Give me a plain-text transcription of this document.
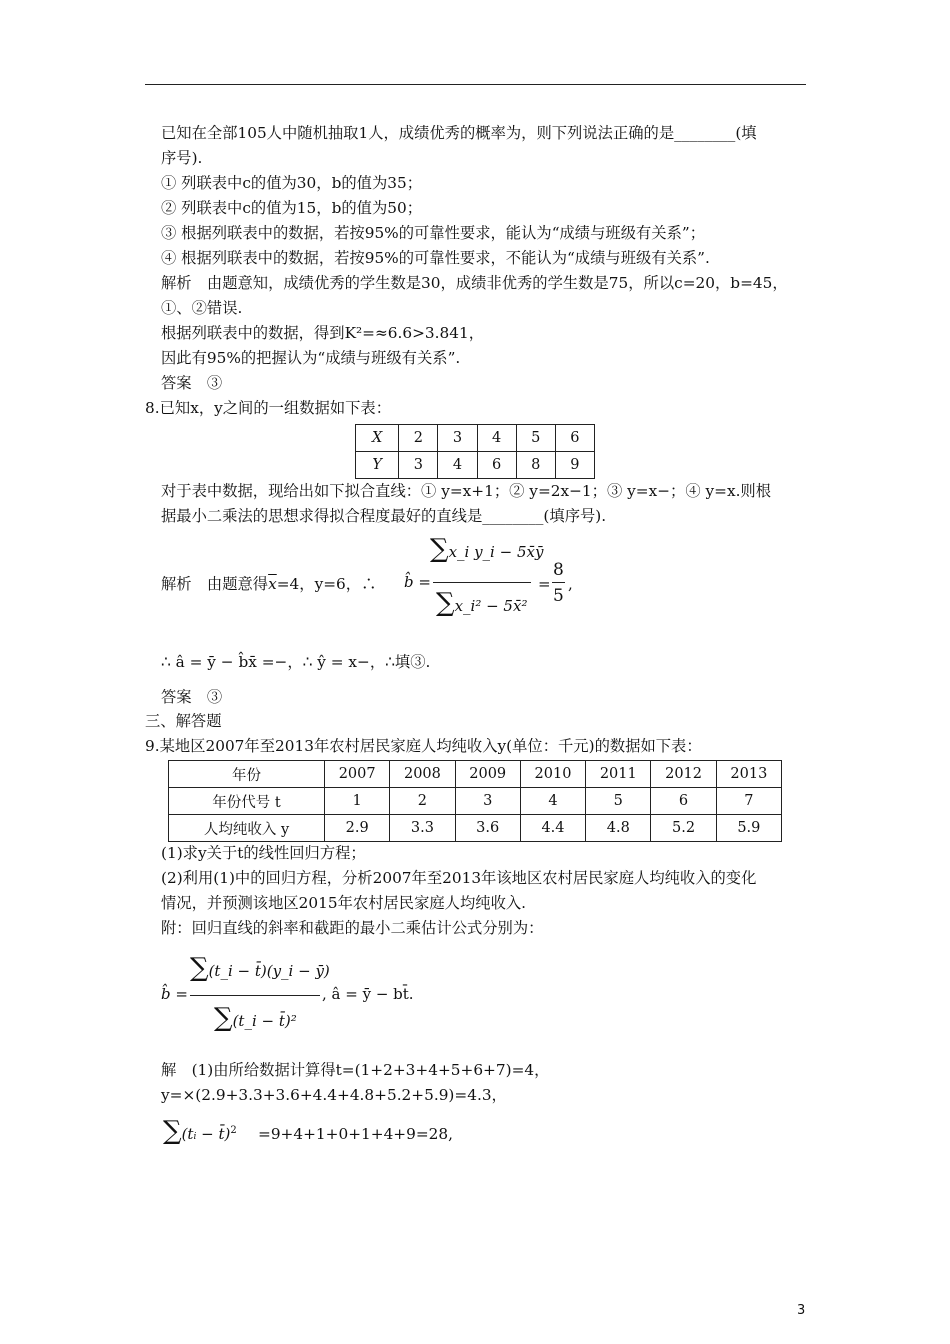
已知在全部105人中随机抽取1人，成绩优秀的概率为，则下列说法正确的是________(填
序号).
① 列联表中c的值为30，b的值为35；
② 列联表中c的值为15，b的值为50；
③ 根据列联表中的数据，若按95%的可靠性要求，能认为“成绩与班级有关系”；
④ 根据列联表中的数据，若按95%的可靠性要求，不能认为“成绩与班级有关系”.
解析　由题意知，成绩优秀的学生数是30，成绩非优秀的学生数是75，所以c=20，b=45，
①、②错误.
根据列联表中的数据，得到K²=≈6.6>3.841，
因此有95%的把握认为“成绩与班级有关系”.
答案　③
8.已知x，y之间的一组数据如下表：
X	2	3	4	5	6
Y	3	4	6	8	9
对于表中数据，现给出如下拟合直线：① y=x+1；② y=2x−1；③ y=x−；④ y=x.则根
据最小二乘法的思想求得拟合程度最好的直线是________(填序号).
解析　由题意得$\overline{x}=4$，y=6，∴ b̂ =
∑x_i y_i − 5x̄ȳ
∑x_i² − 5x̄²
=
8
5
,
∴ â = ȳ − b̂x̄ =−，∴ ŷ = x−，∴填③.
答案　③
三、解答题
9.某地区2007年至2013年农村居民家庭人均纯收入y(单位：千元)的数据如下表：
年份	2007	2008	2009	2010	2011	2012	2013
年份代号 t	1	2	3	4	5	6	7
人均纯收入 y	2.9	3.3	3.6	4.4	4.8	5.2	5.9
(1)求y关于t的线性回归方程；
(2)利用(1)中的回归方程，分析2007年至2013年该地区农村居民家庭人均纯收入的变化
情况，并预测该地区2015年农村居民家庭人均纯收入.
附：回归直线的斜率和截距的最小二乘估计公式分别为：
b̂ =
∑(t_i − t̄)(y_i − ȳ)
∑(t_i − t̄)²
, â = ȳ − bt̄.
解　(1)由所给数据计算得t=(1+2+3+4+5+6+7)=4，
y=×(2.9+3.3+3.6+4.4+4.8+5.2+5.9)=4.3，
∑(ti − t̄)$^2$ =9+4+1+0+1+4+9=28,
3
